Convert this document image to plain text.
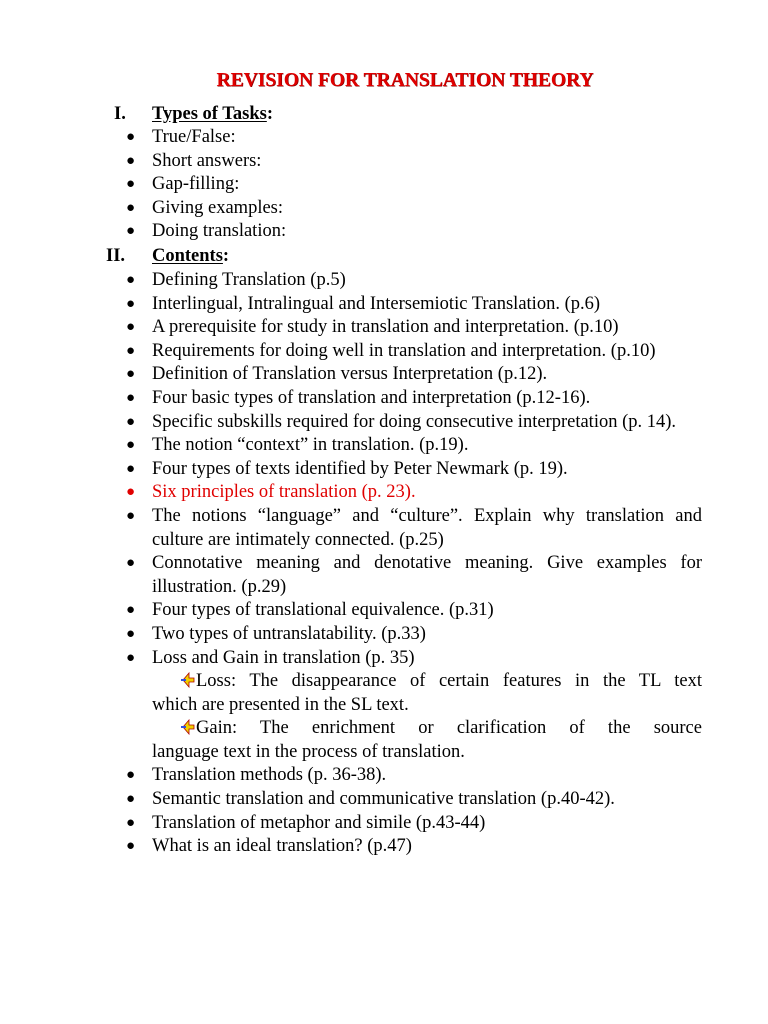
REVISION FOR TRANSLATION THEORY
I. Types of Tasks:
● True/False:
● Short answers:
● Gap-filling:
● Giving examples:
● Doing translation:
II. Contents:
● Defining Translation (p.5)
● Interlingual, Intralingual and Intersemiotic Translation. (p.6)
● A prerequisite for study in translation and interpretation. (p.10)
● Requirements for doing well in translation and interpretation. (p.10)
● Definition of Translation versus Interpretation (p.12).
● Four basic types of translation and interpretation (p.12-16).
● Specific subskills required for doing consecutive interpretation (p. 14).
● The notion “context” in translation. (p.19).
● Four types of texts identified by Peter Newmark (p. 19).
● Six principles of translation (p. 23).
● The notions “language” and “culture”. Explain why translation and culture are intimately connected. (p.25)
● Connotative meaning and denotative meaning. Give examples for illustration. (p.29)
● Four types of translational equivalence. (p.31)
● Two types of untranslatability. (p.33)
● Loss and Gain in translation (p. 35)
Loss: The disappearance of certain features in the TL text
which are presented in the SL text.
Gain: The enrichment or clarification of the source
language text in the process of translation.
● Translation methods (p. 36-38).
● Semantic translation and communicative translation (p.40-42).
● Translation of metaphor and simile (p.43-44)
● What is an ideal translation? (p.47)
